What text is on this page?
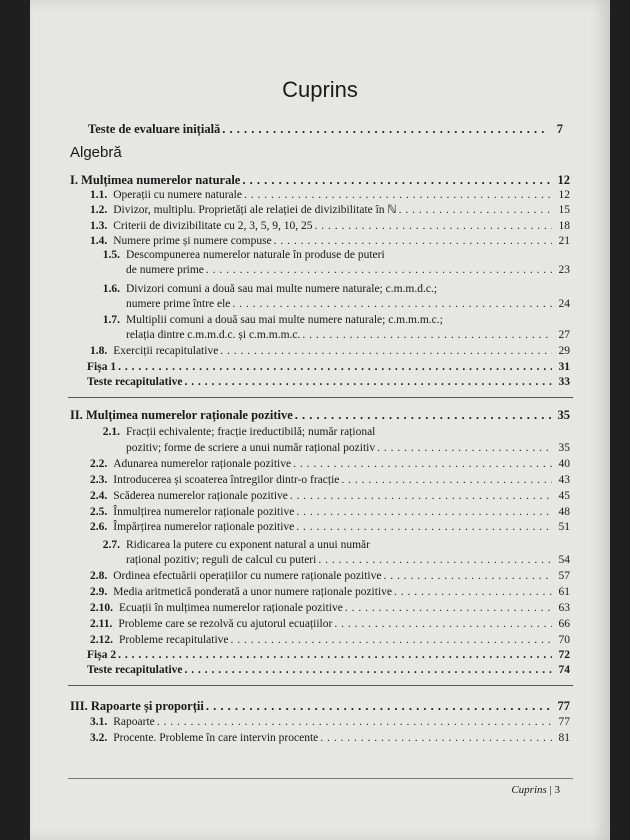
Cuprins
Teste de evaluare inițială . . .	7
Algebră
I. Mulțimea numerelor naturale . . .	12
1.1. Operații cu numere naturale . . .	12
1.2. Divizor, multiplu. Proprietăți ale relației de divizibilitate în ℕ . . .	15
1.3. Criterii de divizibilitate cu 2, 3, 5, 9, 10, 25 . . .	18
1.4. Numere prime și numere compuse . . .	21
1.5. Descompunerea numerelor naturale în produse de puteri
de numere prime . . .	23
1.6. Divizori comuni a două sau mai multe numere naturale; c.m.m.d.c.;
numere prime între ele . . .	24
1.7. Multiplii comuni a două sau mai multe numere naturale; c.m.m.m.c.;
relația dintre c.m.m.d.c. și c.m.m.m.c. . . .	27
1.8. Exerciții recapitulative . . .	29
Fișa 1 . . .	31
Teste recapitulative . . .	33
II. Mulțimea numerelor raționale pozitive . . .	35
2.1. Fracții echivalente; fracție ireductibilă; număr rațional
pozitiv; forme de scriere a unui număr rațional pozitiv . . .	35
2.2. Adunarea numerelor raționale pozitive . . .	40
2.3. Introducerea și scoaterea întregilor dintr-o fracție . . .	43
2.4. Scăderea numerelor raționale pozitive . . .	45
2.5. Înmulțirea numerelor raționale pozitive . . .	48
2.6. Împărțirea numerelor raționale pozitive . . .	51
2.7. Ridicarea la putere cu exponent natural a unui număr
rațional pozitiv; reguli de calcul cu puteri . . .	54
2.8. Ordinea efectuării operațiilor cu numere raționale pozitive . . .	57
2.9. Media aritmetică ponderată a unor numere raționale pozitive . . .	61
2.10. Ecuații în mulțimea numerelor raționale pozitive . . .	63
2.11. Probleme care se rezolvă cu ajutorul ecuațiilor . . .	66
2.12. Probleme recapitulative . . .	70
Fișa 2 . . .	72
Teste recapitulative . . .	74
III. Rapoarte și proporții . . .	77
3.1. Rapoarte . . .	77
3.2. Procente. Probleme în care intervin procente . . .	81
Cuprins | 3
